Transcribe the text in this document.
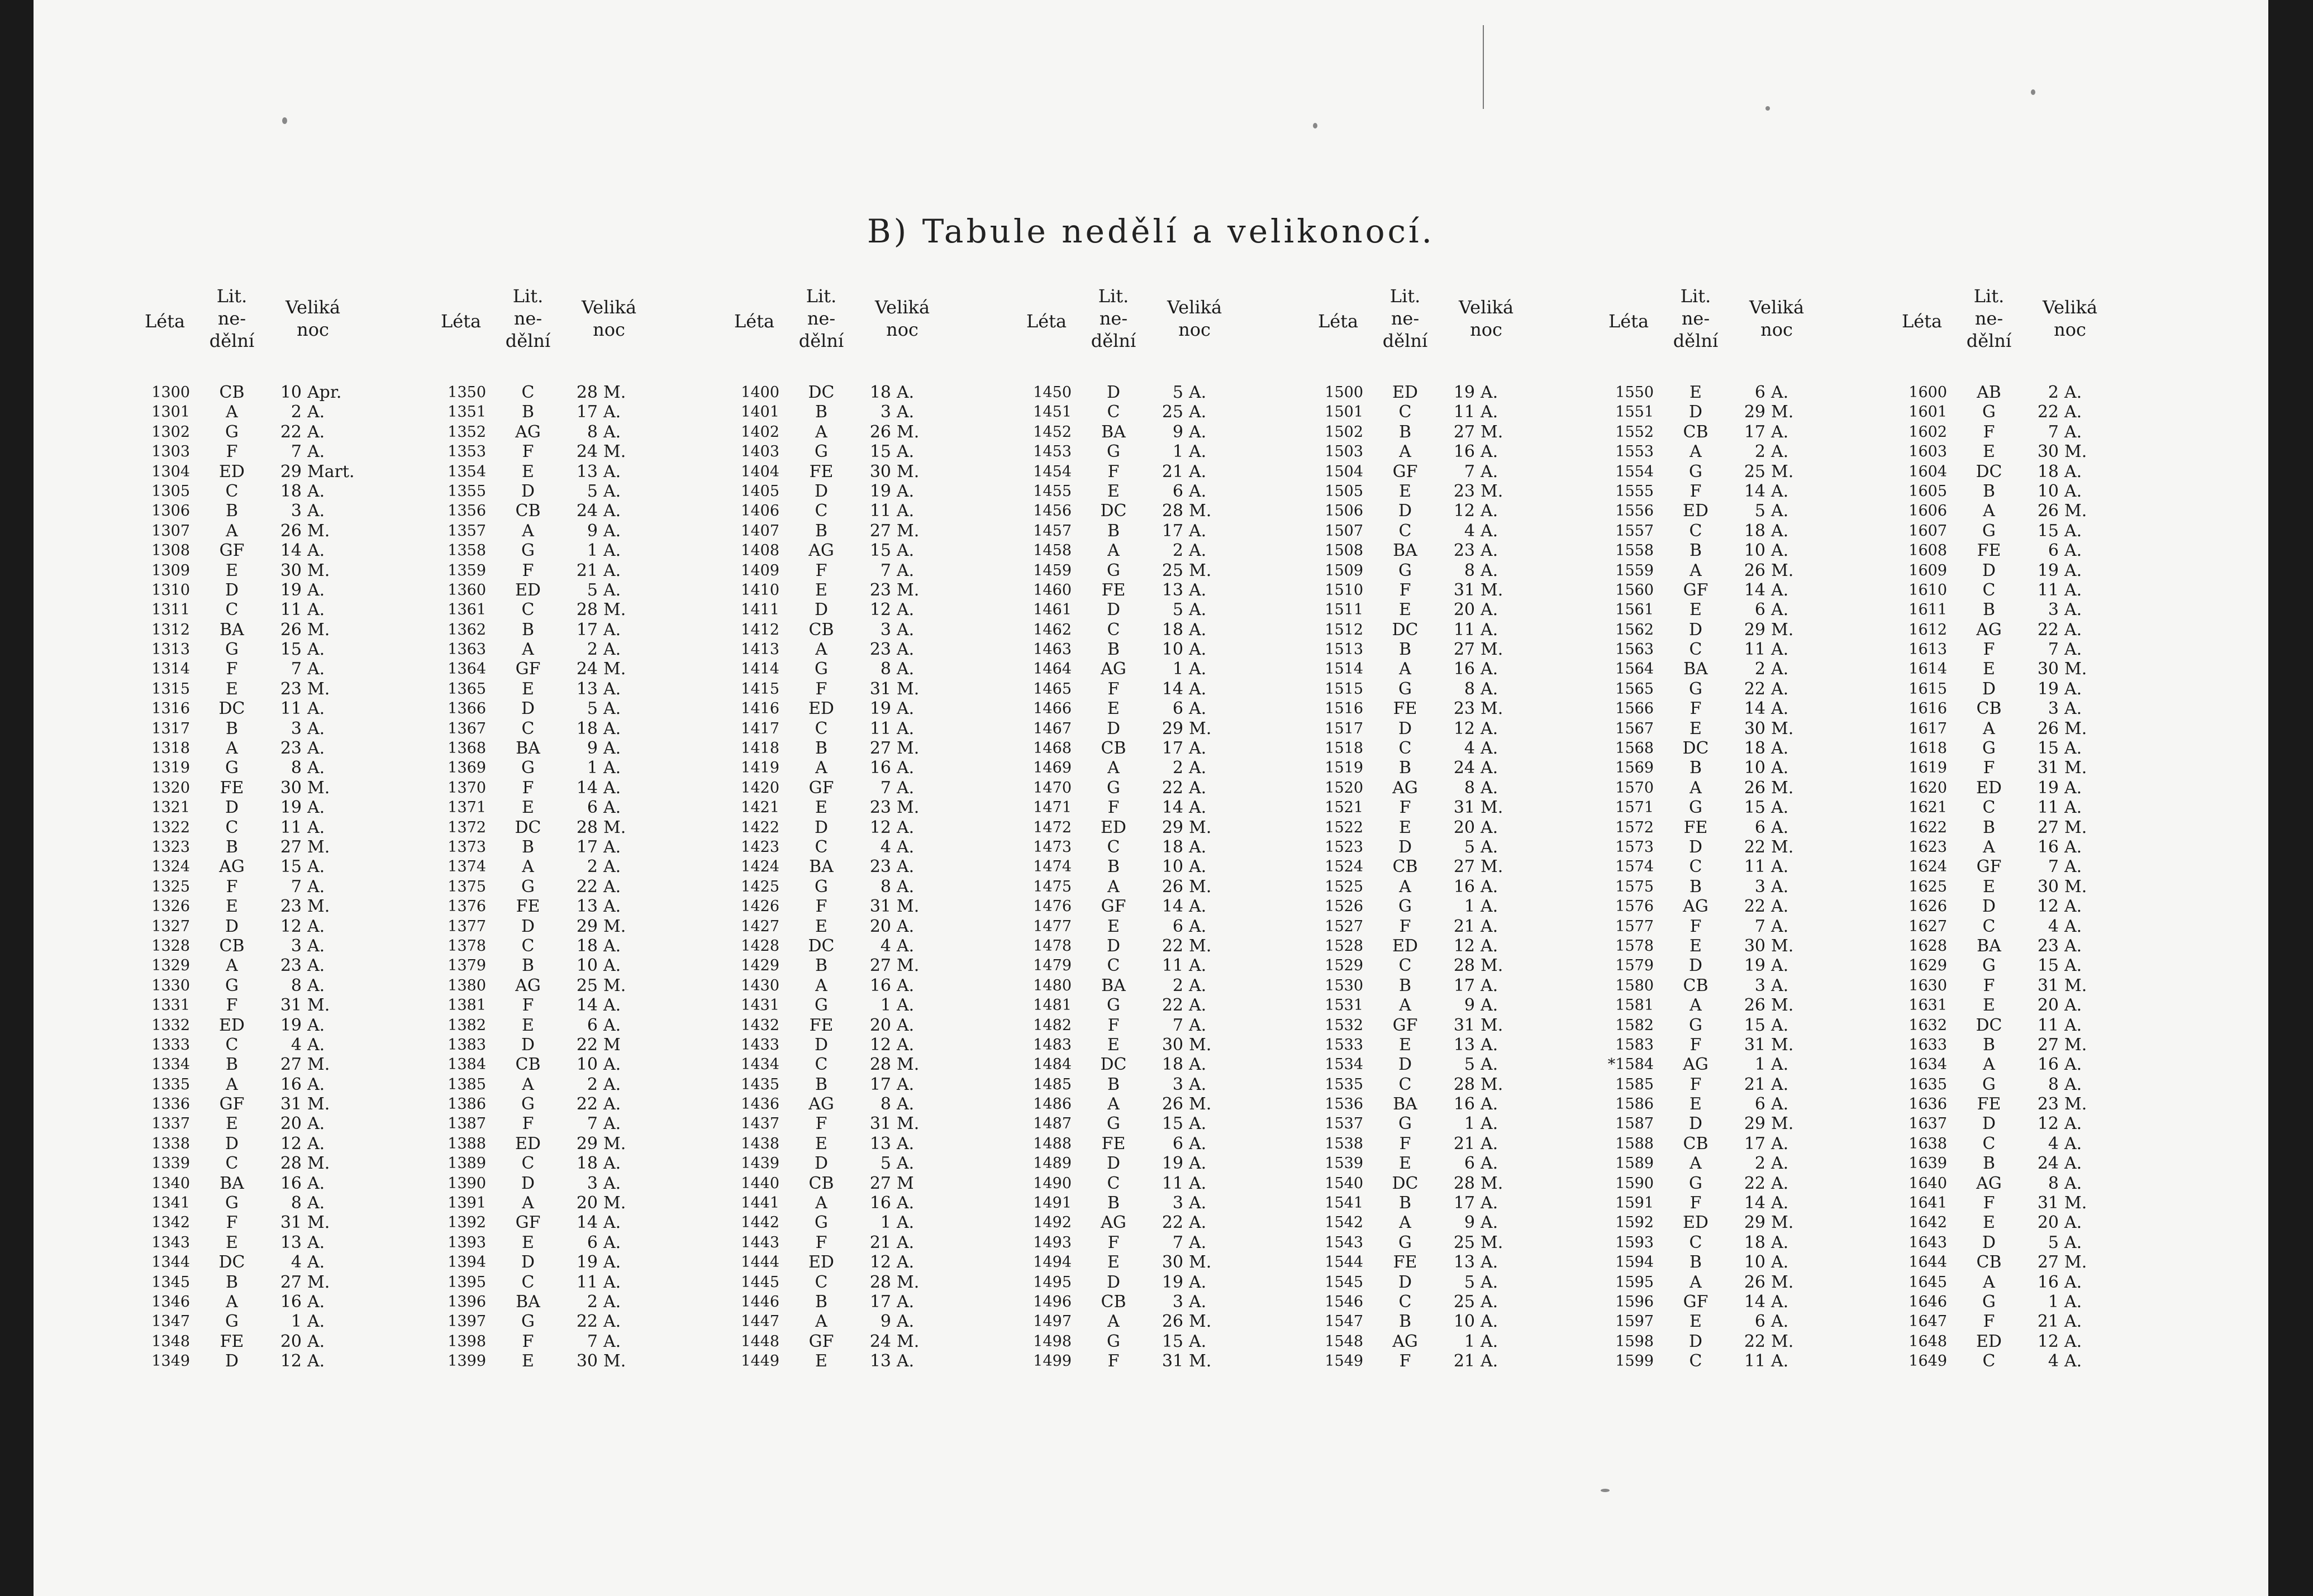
B) Tabule nedělí a velikonocí.
Léta
Lit.
ne-
dělní
Veliká
noc
1300	CB	10 Apr.
1301	A	2 A.
1302	G	22 A.
1303	F	7 A.
1304	ED	29 Mart.
1305	C	18 A.
1306	B	3 A.
1307	A	26 M.
1308	GF	14 A.
1309	E	30 M.
1310	D	19 A.
1311	C	11 A.
1312	BA	26 M.
1313	G	15 A.
1314	F	7 A.
1315	E	23 M.
1316	DC	11 A.
1317	B	3 A.
1318	A	23 A.
1319	G	8 A.
1320	FE	30 M.
1321	D	19 A.
1322	C	11 A.
1323	B	27 M.
1324	AG	15 A.
1325	F	7 A.
1326	E	23 M.
1327	D	12 A.
1328	CB	3 A.
1329	A	23 A.
1330	G	8 A.
1331	F	31 M.
1332	ED	19 A.
1333	C	4 A.
1334	B	27 M.
1335	A	16 A.
1336	GF	31 M.
1337	E	20 A.
1338	D	12 A.
1339	C	28 M.
1340	BA	16 A.
1341	G	8 A.
1342	F	31 M.
1343	E	13 A.
1344	DC	4 A.
1345	B	27 M.
1346	A	16 A.
1347	G	1 A.
1348	FE	20 A.
1349	D	12 A.
Léta
Lit.
ne-
dělní
Veliká
noc
1350	C	28 M.
1351	B	17 A.
1352	AG	8 A.
1353	F	24 M.
1354	E	13 A.
1355	D	5 A.
1356	CB	24 A.
1357	A	9 A.
1358	G	1 A.
1359	F	21 A.
1360	ED	5 A.
1361	C	28 M.
1362	B	17 A.
1363	A	2 A.
1364	GF	24 M.
1365	E	13 A.
1366	D	5 A.
1367	C	18 A.
1368	BA	9 A.
1369	G	1 A.
1370	F	14 A.
1371	E	6 A.
1372	DC	28 M.
1373	B	17 A.
1374	A	2 A.
1375	G	22 A.
1376	FE	13 A.
1377	D	29 M.
1378	C	18 A.
1379	B	10 A.
1380	AG	25 M.
1381	F	14 A.
1382	E	6 A.
1383	D	22 M
1384	CB	10 A.
1385	A	2 A.
1386	G	22 A.
1387	F	7 A.
1388	ED	29 M.
1389	C	18 A.
1390	D	3 A.
1391	A	20 M.
1392	GF	14 A.
1393	E	6 A.
1394	D	19 A.
1395	C	11 A.
1396	BA	2 A.
1397	G	22 A.
1398	F	7 A.
1399	E	30 M.
Léta
Lit.
ne-
dělní
Veliká
noc
1400	DC	18 A.
1401	B	3 A.
1402	A	26 M.
1403	G	15 A.
1404	FE	30 M.
1405	D	19 A.
1406	C	11 A.
1407	B	27 M.
1408	AG	15 A.
1409	F	7 A.
1410	E	23 M.
1411	D	12 A.
1412	CB	3 A.
1413	A	23 A.
1414	G	8 A.
1415	F	31 M.
1416	ED	19 A.
1417	C	11 A.
1418	B	27 M.
1419	A	16 A.
1420	GF	7 A.
1421	E	23 M.
1422	D	12 A.
1423	C	4 A.
1424	BA	23 A.
1425	G	8 A.
1426	F	31 M.
1427	E	20 A.
1428	DC	4 A.
1429	B	27 M.
1430	A	16 A.
1431	G	1 A.
1432	FE	20 A.
1433	D	12 A.
1434	C	28 M.
1435	B	17 A.
1436	AG	8 A.
1437	F	31 M.
1438	E	13 A.
1439	D	5 A.
1440	CB	27 M
1441	A	16 A.
1442	G	1 A.
1443	F	21 A.
1444	ED	12 A.
1445	C	28 M.
1446	B	17 A.
1447	A	9 A.
1448	GF	24 M.
1449	E	13 A.
Léta
Lit.
ne-
dělní
Veliká
noc
1450	D	5 A.
1451	C	25 A.
1452	BA	9 A.
1453	G	1 A.
1454	F	21 A.
1455	E	6 A.
1456	DC	28 M.
1457	B	17 A.
1458	A	2 A.
1459	G	25 M.
1460	FE	13 A.
1461	D	5 A.
1462	C	18 A.
1463	B	10 A.
1464	AG	1 A.
1465	F	14 A.
1466	E	6 A.
1467	D	29 M.
1468	CB	17 A.
1469	A	2 A.
1470	G	22 A.
1471	F	14 A.
1472	ED	29 M.
1473	C	18 A.
1474	B	10 A.
1475	A	26 M.
1476	GF	14 A.
1477	E	6 A.
1478	D	22 M.
1479	C	11 A.
1480	BA	2 A.
1481	G	22 A.
1482	F	7 A.
1483	E	30 M.
1484	DC	18 A.
1485	B	3 A.
1486	A	26 M.
1487	G	15 A.
1488	FE	6 A.
1489	D	19 A.
1490	C	11 A.
1491	B	3 A.
1492	AG	22 A.
1493	F	7 A.
1494	E	30 M.
1495	D	19 A.
1496	CB	3 A.
1497	A	26 M.
1498	G	15 A.
1499	F	31 M.
Léta
Lit.
ne-
dělní
Veliká
noc
1500	ED	19 A.
1501	C	11 A.
1502	B	27 M.
1503	A	16 A.
1504	GF	7 A.
1505	E	23 M.
1506	D	12 A.
1507	C	4 A.
1508	BA	23 A.
1509	G	8 A.
1510	F	31 M.
1511	E	20 A.
1512	DC	11 A.
1513	B	27 M.
1514	A	16 A.
1515	G	8 A.
1516	FE	23 M.
1517	D	12 A.
1518	C	4 A.
1519	B	24 A.
1520	AG	8 A.
1521	F	31 M.
1522	E	20 A.
1523	D	5 A.
1524	CB	27 M.
1525	A	16 A.
1526	G	1 A.
1527	F	21 A.
1528	ED	12 A.
1529	C	28 M.
1530	B	17 A.
1531	A	9 A.
1532	GF	31 M.
1533	E	13 A.
1534	D	5 A.
1535	C	28 M.
1536	BA	16 A.
1537	G	1 A.
1538	F	21 A.
1539	E	6 A.
1540	DC	28 M.
1541	B	17 A.
1542	A	9 A.
1543	G	25 M.
1544	FE	13 A.
1545	D	5 A.
1546	C	25 A.
1547	B	10 A.
1548	AG	1 A.
1549	F	21 A.
Léta
Lit.
ne-
dělní
Veliká
noc
1550	E	6 A.
1551	D	29 M.
1552	CB	17 A.
1553	A	2 A.
1554	G	25 M.
1555	F	14 A.
1556	ED	5 A.
1557	C	18 A.
1558	B	10 A.
1559	A	26 M.
1560	GF	14 A.
1561	E	6 A.
1562	D	29 M.
1563	C	11 A.
1564	BA	2 A.
1565	G	22 A.
1566	F	14 A.
1567	E	30 M.
1568	DC	18 A.
1569	B	10 A.
1570	A	26 M.
1571	G	15 A.
1572	FE	6 A.
1573	D	22 M.
1574	C	11 A.
1575	B	3 A.
1576	AG	22 A.
1577	F	7 A.
1578	E	30 M.
1579	D	19 A.
1580	CB	3 A.
1581	A	26 M.
1582	G	15 A.
1583	F	31 M.
*1584	AG	1 A.
1585	F	21 A.
1586	E	6 A.
1587	D	29 M.
1588	CB	17 A.
1589	A	2 A.
1590	G	22 A.
1591	F	14 A.
1592	ED	29 M.
1593	C	18 A.
1594	B	10 A.
1595	A	26 M.
1596	GF	14 A.
1597	E	6 A.
1598	D	22 M.
1599	C	11 A.
Léta
Lit.
ne-
dělní
Veliká
noc
1600	AB	2 A.
1601	G	22 A.
1602	F	7 A.
1603	E	30 M.
1604	DC	18 A.
1605	B	10 A.
1606	A	26 M.
1607	G	15 A.
1608	FE	6 A.
1609	D	19 A.
1610	C	11 A.
1611	B	3 A.
1612	AG	22 A.
1613	F	7 A.
1614	E	30 M.
1615	D	19 A.
1616	CB	3 A.
1617	A	26 M.
1618	G	15 A.
1619	F	31 M.
1620	ED	19 A.
1621	C	11 A.
1622	B	27 M.
1623	A	16 A.
1624	GF	7 A.
1625	E	30 M.
1626	D	12 A.
1627	C	4 A.
1628	BA	23 A.
1629	G	15 A.
1630	F	31 M.
1631	E	20 A.
1632	DC	11 A.
1633	B	27 M.
1634	A	16 A.
1635	G	8 A.
1636	FE	23 M.
1637	D	12 A.
1638	C	4 A.
1639	B	24 A.
1640	AG	8 A.
1641	F	31 M.
1642	E	20 A.
1643	D	5 A.
1644	CB	27 M.
1645	A	16 A.
1646	G	1 A.
1647	F	21 A.
1648	ED	12 A.
1649	C	4 A.
